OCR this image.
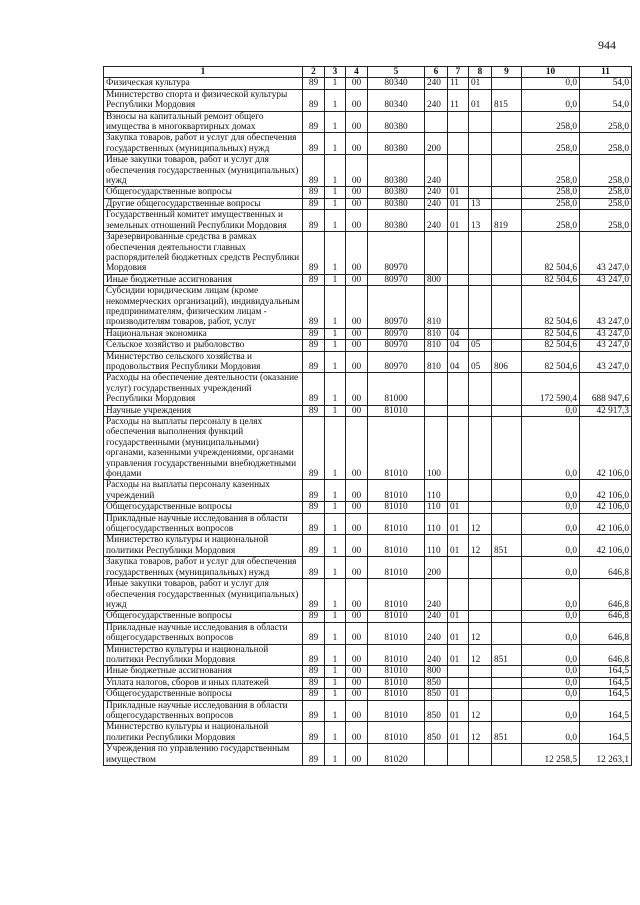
944
1	2	3	4	5	6	7	8	9	10	11
Физическая культура	89	1	00	80340	240	11	01		0,0	54,0
Министерство спорта и физической культуры Республики Мордовия	89	1	00	80340	240	11	01	815	0,0	54,0
Взносы на капитальный ремонт общего имущества в многоквартирных домах	89	1	00	80380					258,0	258,0
Закупка товаров, работ и услуг для обеспечения государственных (муниципальных) нужд	89	1	00	80380	200				258,0	258,0
Иные закупки товаров, работ и услуг для обеспечения государственных (муниципальных) нужд	89	1	00	80380	240				258,0	258,0
Общегосударственные вопросы	89	1	00	80380	240	01			258,0	258,0
Другие общегосударственные вопросы	89	1	00	80380	240	01	13		258,0	258,0
Государственный комитет имущественных и земельных отношений Республики Мордовия	89	1	00	80380	240	01	13	819	258,0	258,0
Зарезервированные средства в рамках обеспечения деятельности главных распорядителей бюджетных средств Республики Мордовия	89	1	00	80970					82 504,6	43 247,0
Иные бюджетные ассигнования	89	1	00	80970	800				82 504,6	43 247,0
Субсидии юридическим лицам (кроме некоммерческих организаций), индивидуальным предпринимателям, физическим лицам - производителям товаров, работ, услуг	89	1	00	80970	810				82 504,6	43 247,0
Национальная экономика	89	1	00	80970	810	04			82 504,6	43 247,0
Сельское хозяйство и рыболовство	89	1	00	80970	810	04	05		82 504,6	43 247,0
Министерство сельского хозяйства и продовольствия Республики Мордовия	89	1	00	80970	810	04	05	806	82 504,6	43 247,0
Расходы на обеспечение деятельности (оказание услуг) государственных учреждений Республики Мордовия	89	1	00	81000					172 590,4	688 947,6
Научные учреждения	89	1	00	81010					0,0	42 917,3
Расходы на выплаты персоналу в целях обеспечения выполнения функций государственными (муниципальными) органами, казенными учреждениями, органами управления государственными внебюджетными фондами	89	1	00	81010	100				0,0	42 106,0
Расходы на выплаты персоналу казенных учреждений	89	1	00	81010	110				0,0	42 106,0
Общегосударственные вопросы	89	1	00	81010	110	01			0,0	42 106,0
Прикладные научные исследования в области общегосударственных вопросов	89	1	00	81010	110	01	12		0,0	42 106,0
Министерство культуры и национальной политики Республики Мордовия	89	1	00	81010	110	01	12	851	0,0	42 106,0
Закупка товаров, работ и услуг для обеспечения государственных (муниципальных) нужд	89	1	00	81010	200				0,0	646,8
Иные закупки товаров, работ и услуг для обеспечения государственных (муниципальных) нужд	89	1	00	81010	240				0,0	646,8
Общегосударственные вопросы	89	1	00	81010	240	01			0,0	646,8
Прикладные научные исследования в области общегосударственных вопросов	89	1	00	81010	240	01	12		0,0	646,8
Министерство культуры и национальной политики Республики Мордовия	89	1	00	81010	240	01	12	851	0,0	646,8
Иные бюджетные ассигнования	89	1	00	81010	800				0,0	164,5
Уплата налогов, сборов и иных платежей	89	1	00	81010	850				0,0	164,5
Общегосударственные вопросы	89	1	00	81010	850	01			0,0	164,5
Прикладные научные исследования в области общегосударственных вопросов	89	1	00	81010	850	01	12		0,0	164,5
Министерство культуры и национальной политики Республики Мордовия	89	1	00	81010	850	01	12	851	0,0	164,5
Учреждения по управлению государственным имуществом	89	1	00	81020					12 258,5	12 263,1
